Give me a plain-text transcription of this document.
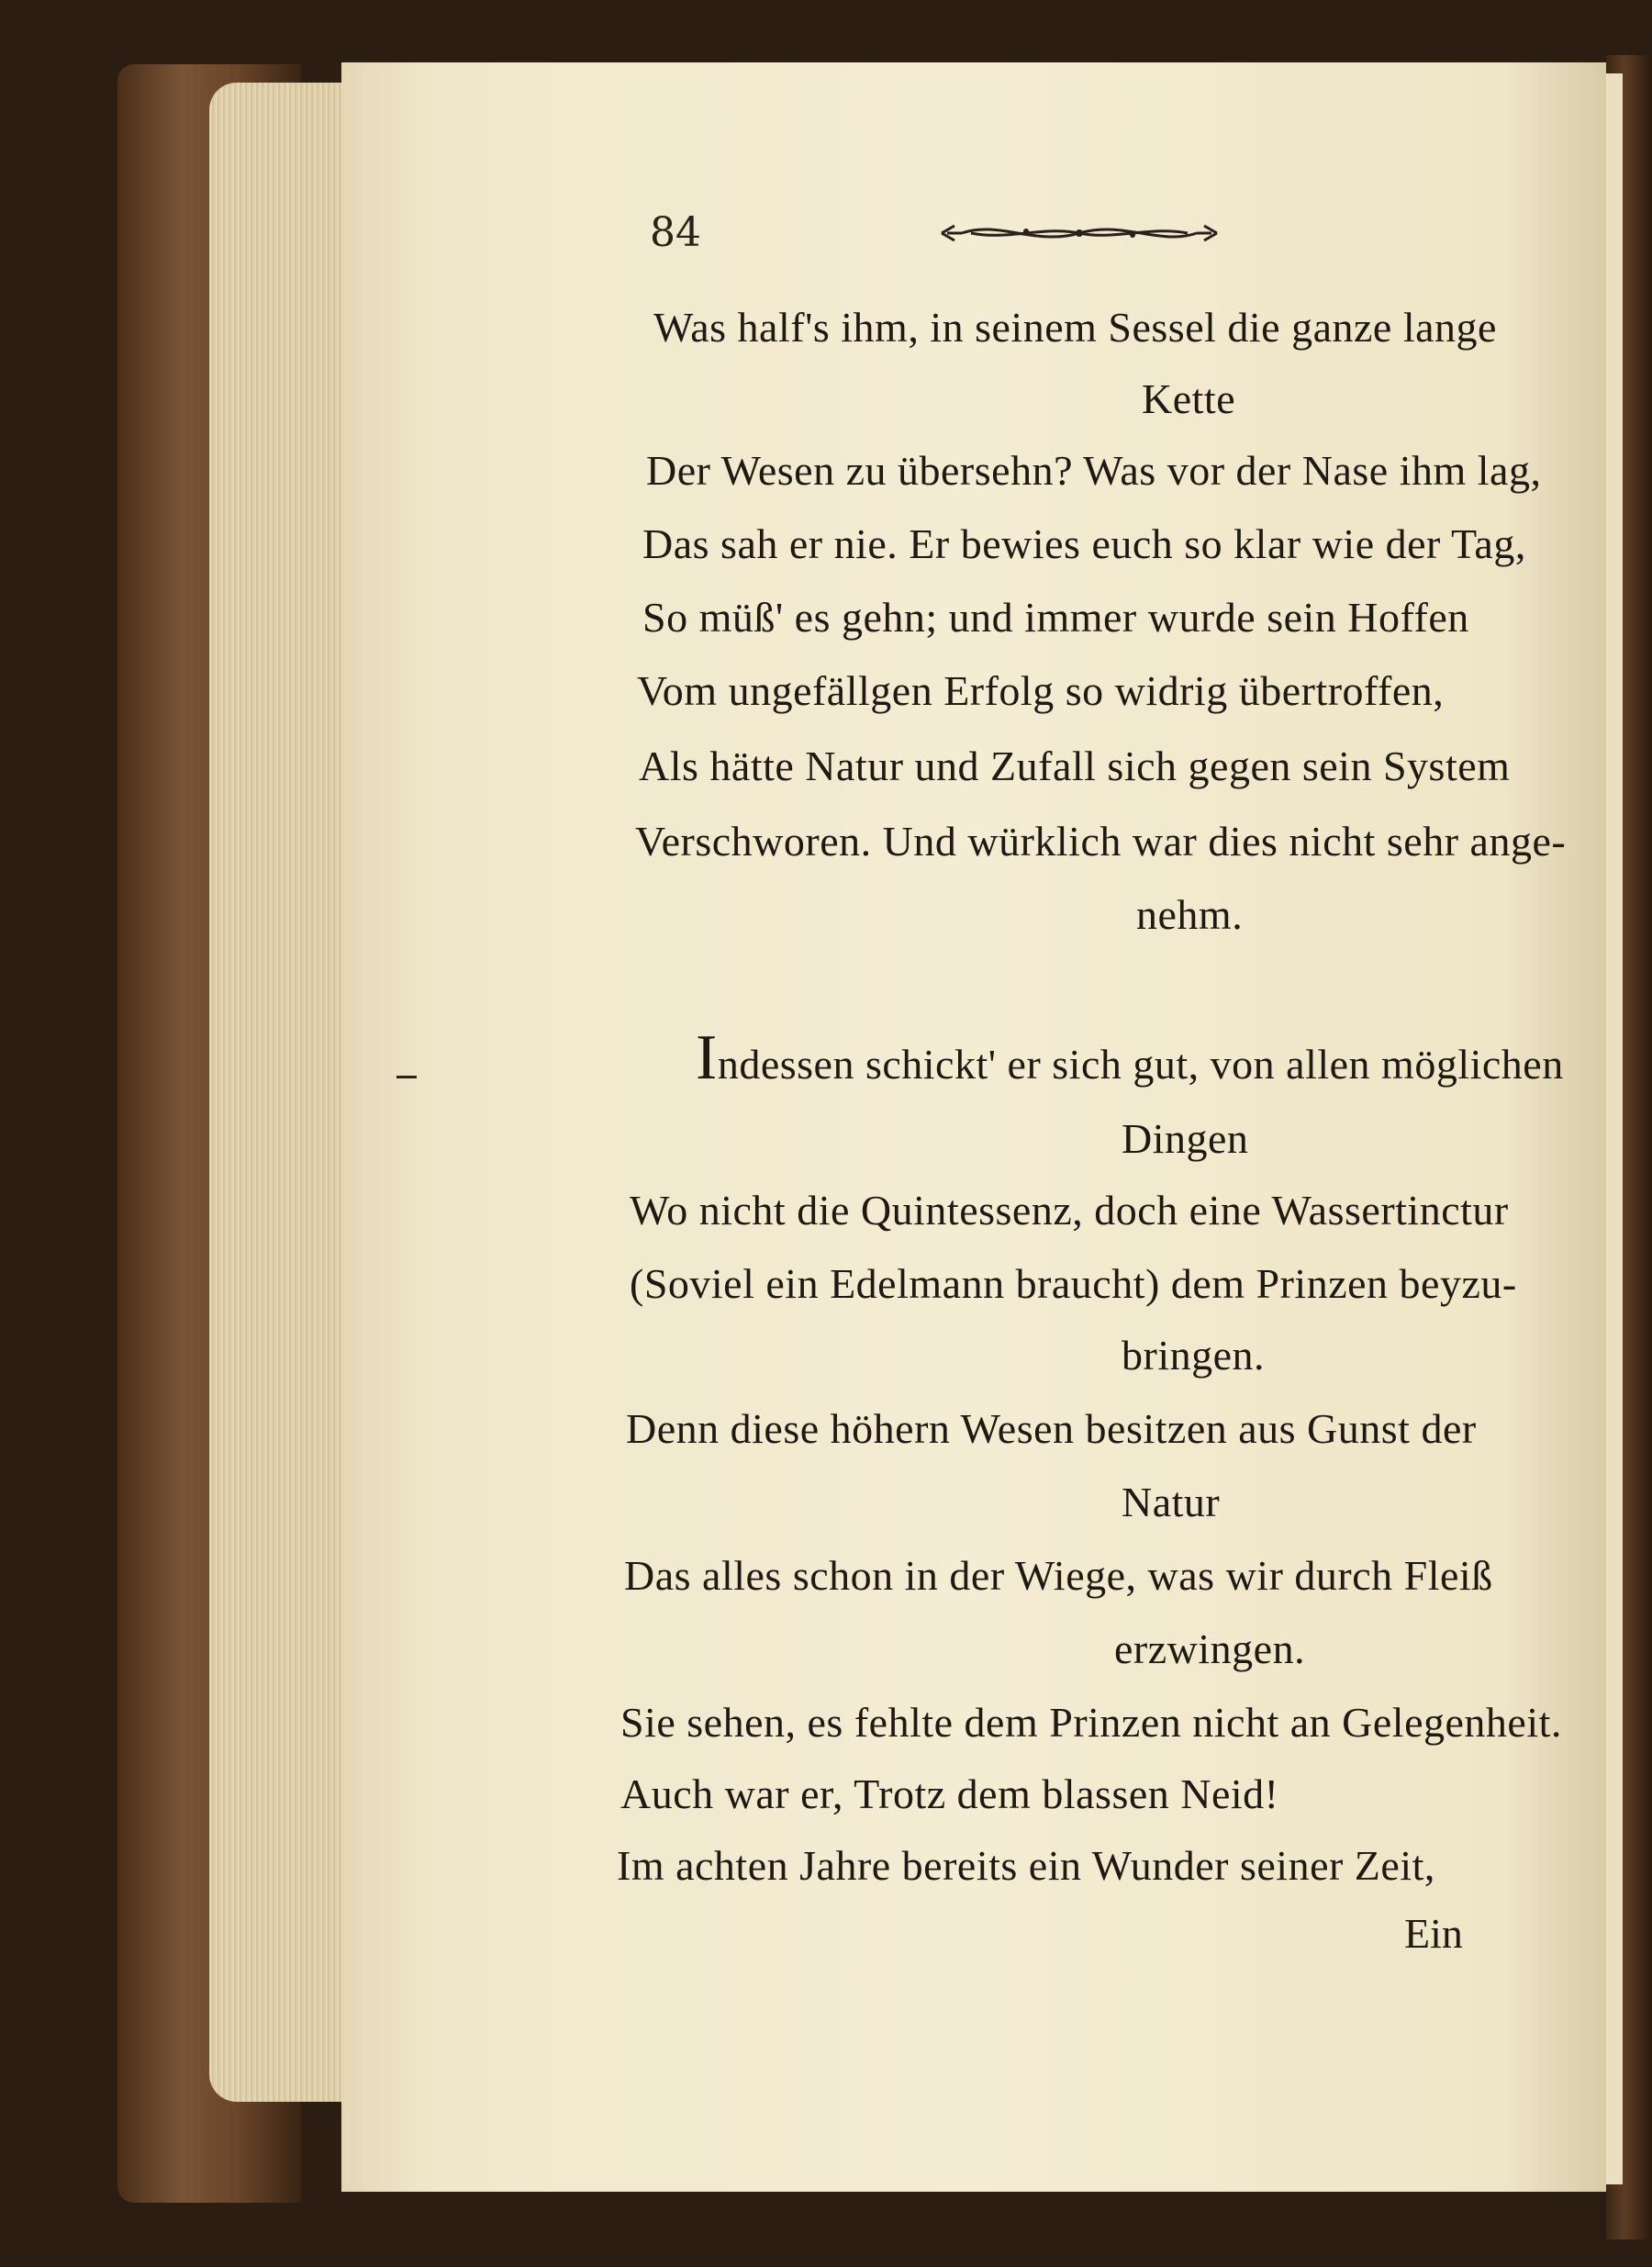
84
Was half's ihm, in seinem Sessel die ganze lange
Kette
Der Wesen zu übersehn? Was vor der Nase ihm lag,
Das sah er nie. Er bewies euch so klar wie der Tag,
So müß' es gehn; und immer wurde sein Hoffen
Vom ungefällgen Erfolg so widrig übertroffen,
Als hätte Natur und Zufall sich gegen sein System
Verschworen. Und würklich war dies nicht sehr ange-
nehm.
Indessen schickt' er sich gut, von allen möglichen
Dingen
Wo nicht die Quintessenz, doch eine Wassertinctur
(Soviel ein Edelmann braucht) dem Prinzen beyzu-
bringen.
Denn diese höhern Wesen besitzen aus Gunst der
Natur
Das alles schon in der Wiege, was wir durch Fleiß
erzwingen.
Sie sehen, es fehlte dem Prinzen nicht an Gelegenheit.
Auch war er, Trotz dem blassen Neid!
Im achten Jahre bereits ein Wunder seiner Zeit,
Ein
